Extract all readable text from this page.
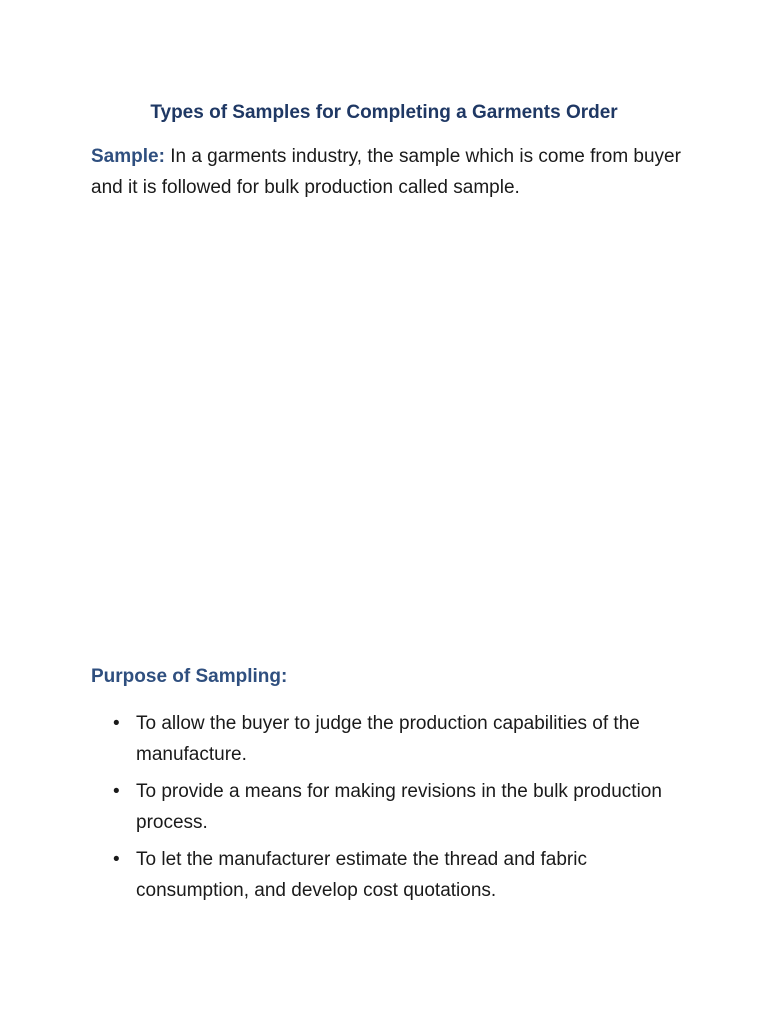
Types of Samples for Completing a Garments Order

Sample: In a garments industry, the sample which is come from buyer and it is followed for bulk production called sample.

Purpose of Sampling:
• To allow the buyer to judge the production capabilities of the manufacture.
• To provide a means for making revisions in the bulk production process.
• To let the manufacturer estimate the thread and fabric consumption, and develop cost quotations.
